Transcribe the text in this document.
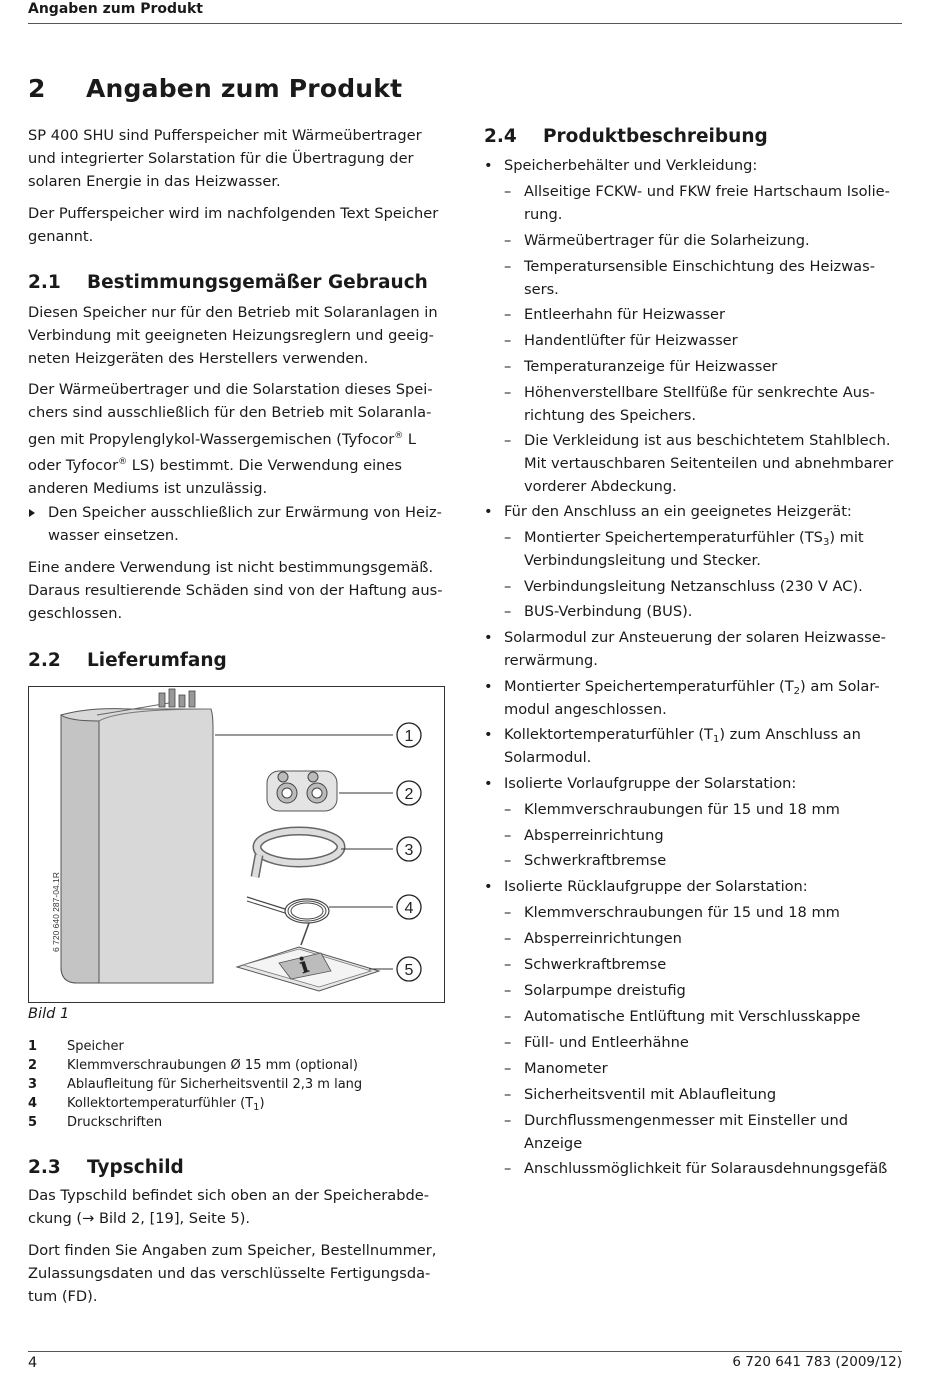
Angaben zum Produkt
2 Angaben zum Produkt
SP 400 SHU sind Pufferspeicher mit Wärmeübertrager und integrierter Solarstation für die Übertragung der solaren Energie in das Heizwasser.
Der Pufferspeicher wird im nachfolgenden Text Speicher genannt.
2.1 Bestimmungsgemäßer Gebrauch
Diesen Speicher nur für den Betrieb mit Solaranlagen in Verbindung mit geeigneten Heizungsreglern und geeig-neten Heizgeräten des Herstellers verwenden.
Der Wärmeübertrager und die Solarstation dieses Spei-
chers sind ausschließlich für den Betrieb mit Solaranla-
gen mit Propylenglykol-Wassergemischen (Tyfocor® L
oder Tyfocor® LS) bestimmt. Die Verwendung eines
anderen Mediums ist unzulässig.
Den Speicher ausschließlich zur Erwärmung von Heiz-wasser einsetzen.
Eine andere Verwendung ist nicht bestimmungsgemäß. Daraus resultierende Schäden sind von der Haftung aus-geschlossen.
2.2 Lieferumfang
6 720 640 287-04.1R
i
1
2
3
4
5
Bild 1
1 Speicher
2 Klemmverschraubungen Ø 15 mm (optional)
3 Ablaufleitung für Sicherheitsventil 2,3 m lang
4 Kollektortemperaturfühler $(T_1)$
5 Druckschriften
2.3 Typschild
Das Typschild befindet sich oben an der Speicherabde-ckung (→ Bild 2, [19], Seite 5).
Dort finden Sie Angaben zum Speicher, Bestellnummer, Zulassungsdaten und das verschlüsselte Fertigungsda-tum (FD).
2.4 Produktbeschreibung
• Speicherbehälter und Verkleidung:
– Allseitige FCKW- und FKW freie Hartschaum Isolie-rung.
– Wärmeübertrager für die Solarheizung.
– Temperatursensible Einschichtung des Heizwas-sers.
– Entleerhahn für Heizwasser
– Handentlüfter für Heizwasser
– Temperaturanzeige für Heizwasser
– Höhenverstellbare Stellfüße für senkrechte Aus-richtung des Speichers.
– Die Verkleidung ist aus beschichtetem Stahlblech. Mit vertauschbaren Seitenteilen und abnehmbarer vorderer Abdeckung.
• Für den Anschluss an ein geeignetes Heizgerät:
– Montierter Speichertemperaturfühler $(TS_3)$ mit Verbindungsleitung und Stecker.
– Verbindungsleitung Netzanschluss (230 V AC).
– BUS-Verbindung (BUS).
• Solarmodul zur Ansteuerung der solaren Heizwasse-rerwärmung.
• Montierter Speichertemperaturfühler $(T_2)$ am Solar-modul angeschlossen.
• Kollektortemperaturfühler $(T_1)$ zum Anschluss an Solarmodul.
• Isolierte Vorlaufgruppe der Solarstation:
– Klemmverschraubungen für 15 und 18 mm
– Absperreinrichtung
– Schwerkraftbremse
• Isolierte Rücklaufgruppe der Solarstation:
– Klemmverschraubungen für 15 und 18 mm
– Absperreinrichtungen
– Schwerkraftbremse
– Solarpumpe dreistufig
– Automatische Entlüftung mit Verschlusskappe
– Füll- und Entleerhähne
– Manometer
– Sicherheitsventil mit Ablaufleitung
– Durchflussmengenmesser mit Einsteller und Anzeige
– Anschlussmöglichkeit für Solarausdehnungsgefäß
4	6 720 641 783 (2009/12)
